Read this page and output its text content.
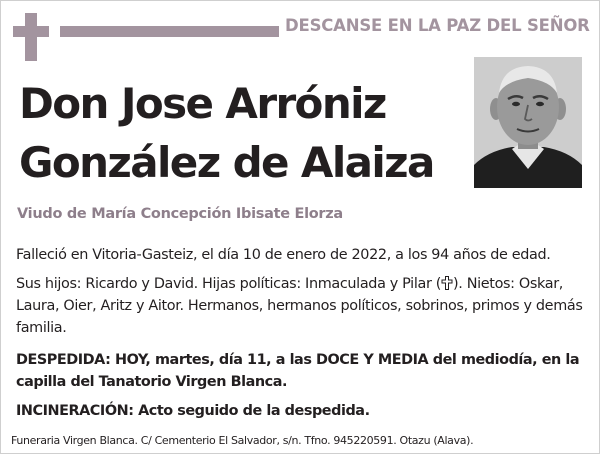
DESCANSE EN LA PAZ DEL SEÑOR
Don Jose Arróniz
González de Alaiza
Viudo de María Concepción Ibisate Elorza

Falleció en Vitoria-Gasteiz, el día 10 de enero de 2022, a los 94 años de edad.

Sus hijos: Ricardo y David. Hijas políticas: Inmaculada y Pilar ( ). Nietos: Oskar, Laura, Oier, Aritz y Aitor. Hermanos, hermanos políticos, sobrinos, primos y demás familia.

DESPEDIDA: HOY, martes, día 11, a las DOCE Y MEDIA del mediodía, en la capilla del Tanatorio Virgen Blanca.

INCINERACIÓN: Acto seguido de la despedida.

Funeraria Virgen Blanca. C/ Cementerio El Salvador, s/n. Tfno. 945220591. Otazu (Alava).
